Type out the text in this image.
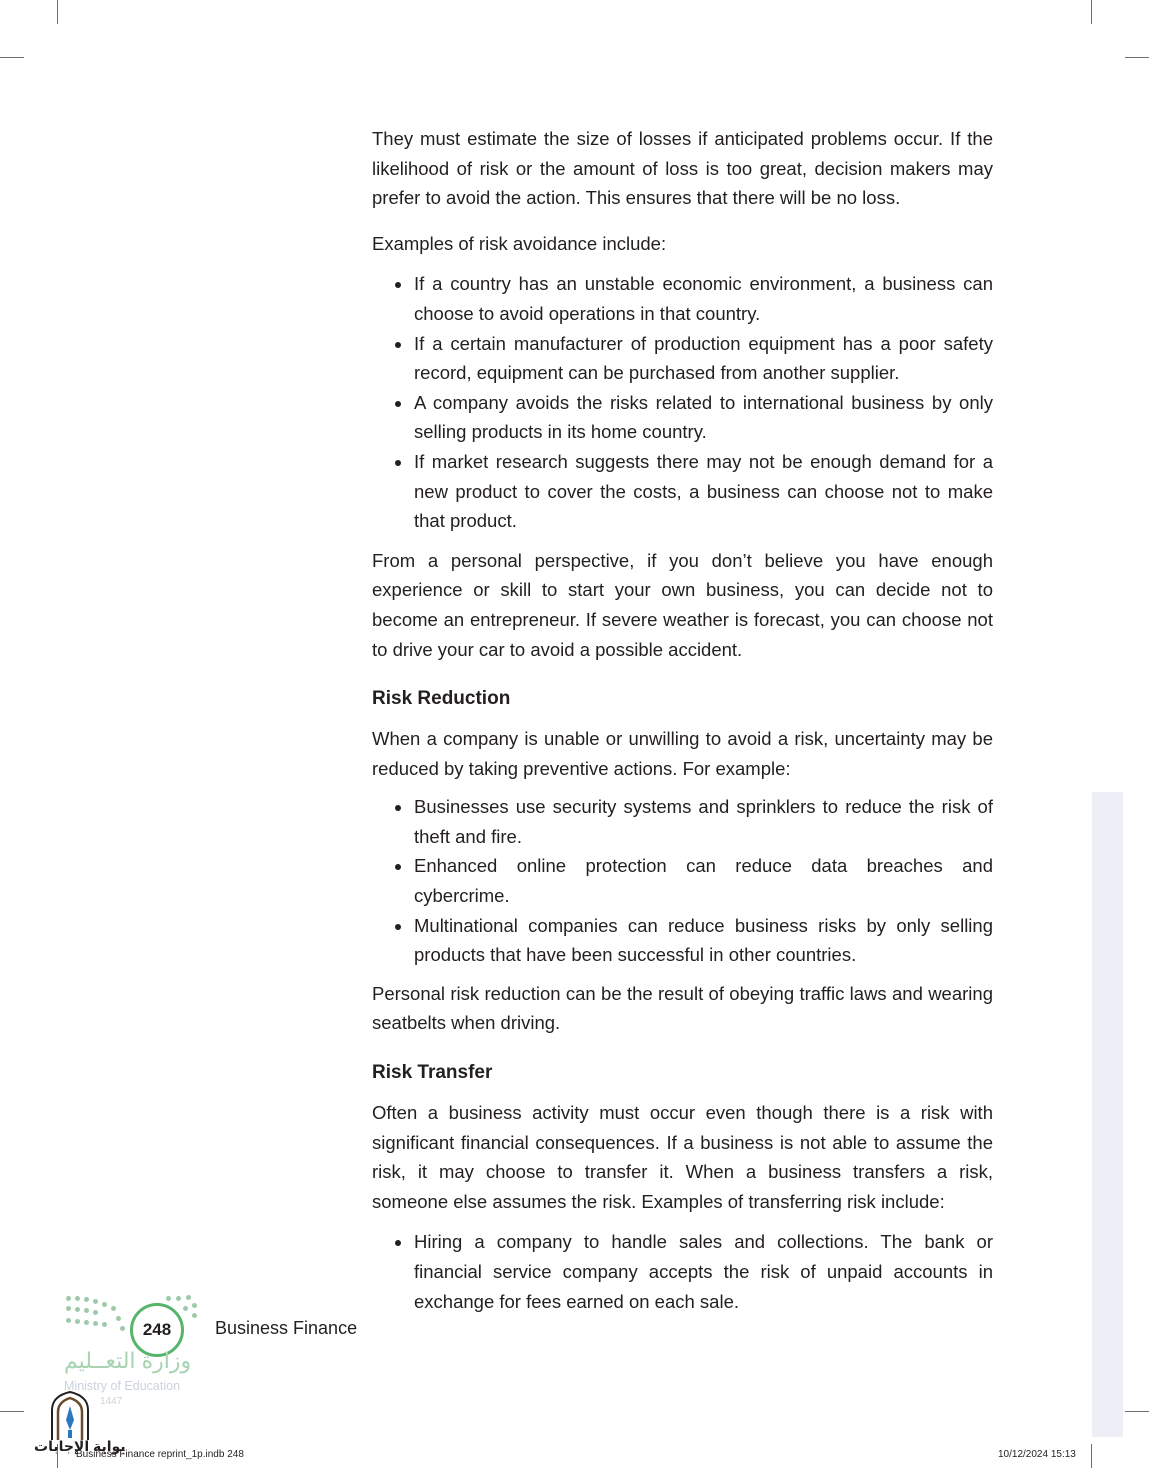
They must estimate the size of losses if anticipated problems occur. If the likelihood of risk or the amount of loss is too great, decision makers may prefer to avoid the action. This ensures that there will be no loss.

Examples of risk avoidance include:

If a country has an unstable economic environment, a business can choose to avoid operations in that country.
If a certain manufacturer of production equipment has a poor safety record, equipment can be purchased from another supplier.
A company avoids the risks related to international business by only selling products in its home country.
If market research suggests there may not be enough demand for a new product to cover the costs, a business can choose not to make that product.

From a personal perspective, if you don’t believe you have enough experience or skill to start your own business, you can decide not to become an entrepreneur. If severe weather is forecast, you can choose not to drive your car to avoid a possible accident.

Risk Reduction

When a company is unable or unwilling to avoid a risk, uncertainty may be reduced by taking preventive actions. For example:

Businesses use security systems and sprinklers to reduce the risk of theft and fire.
Enhanced online protection can reduce data breaches and cybercrime.
Multinational companies can reduce business risks by only selling products that have been successful in other countries.

Personal risk reduction can be the result of obeying traffic laws and wearing seatbelts when driving.

Risk Transfer

Often a business activity must occur even though there is a risk with significant financial consequences. If a business is not able to assume the risk, it may choose to transfer it. When a business transfers a risk, someone else assumes the risk. Examples of transferring risk include:

Hiring a company to handle sales and collections. The bank or financial service company accepts the risk of unpaid accounts in exchange for fees earned on each sale.
248 Business Finance
وزارة التعــليم
Ministry of Education
1447
بوابة الإجابات
Business Finance reprint_1p.indb 248	10/12/2024 15:13
